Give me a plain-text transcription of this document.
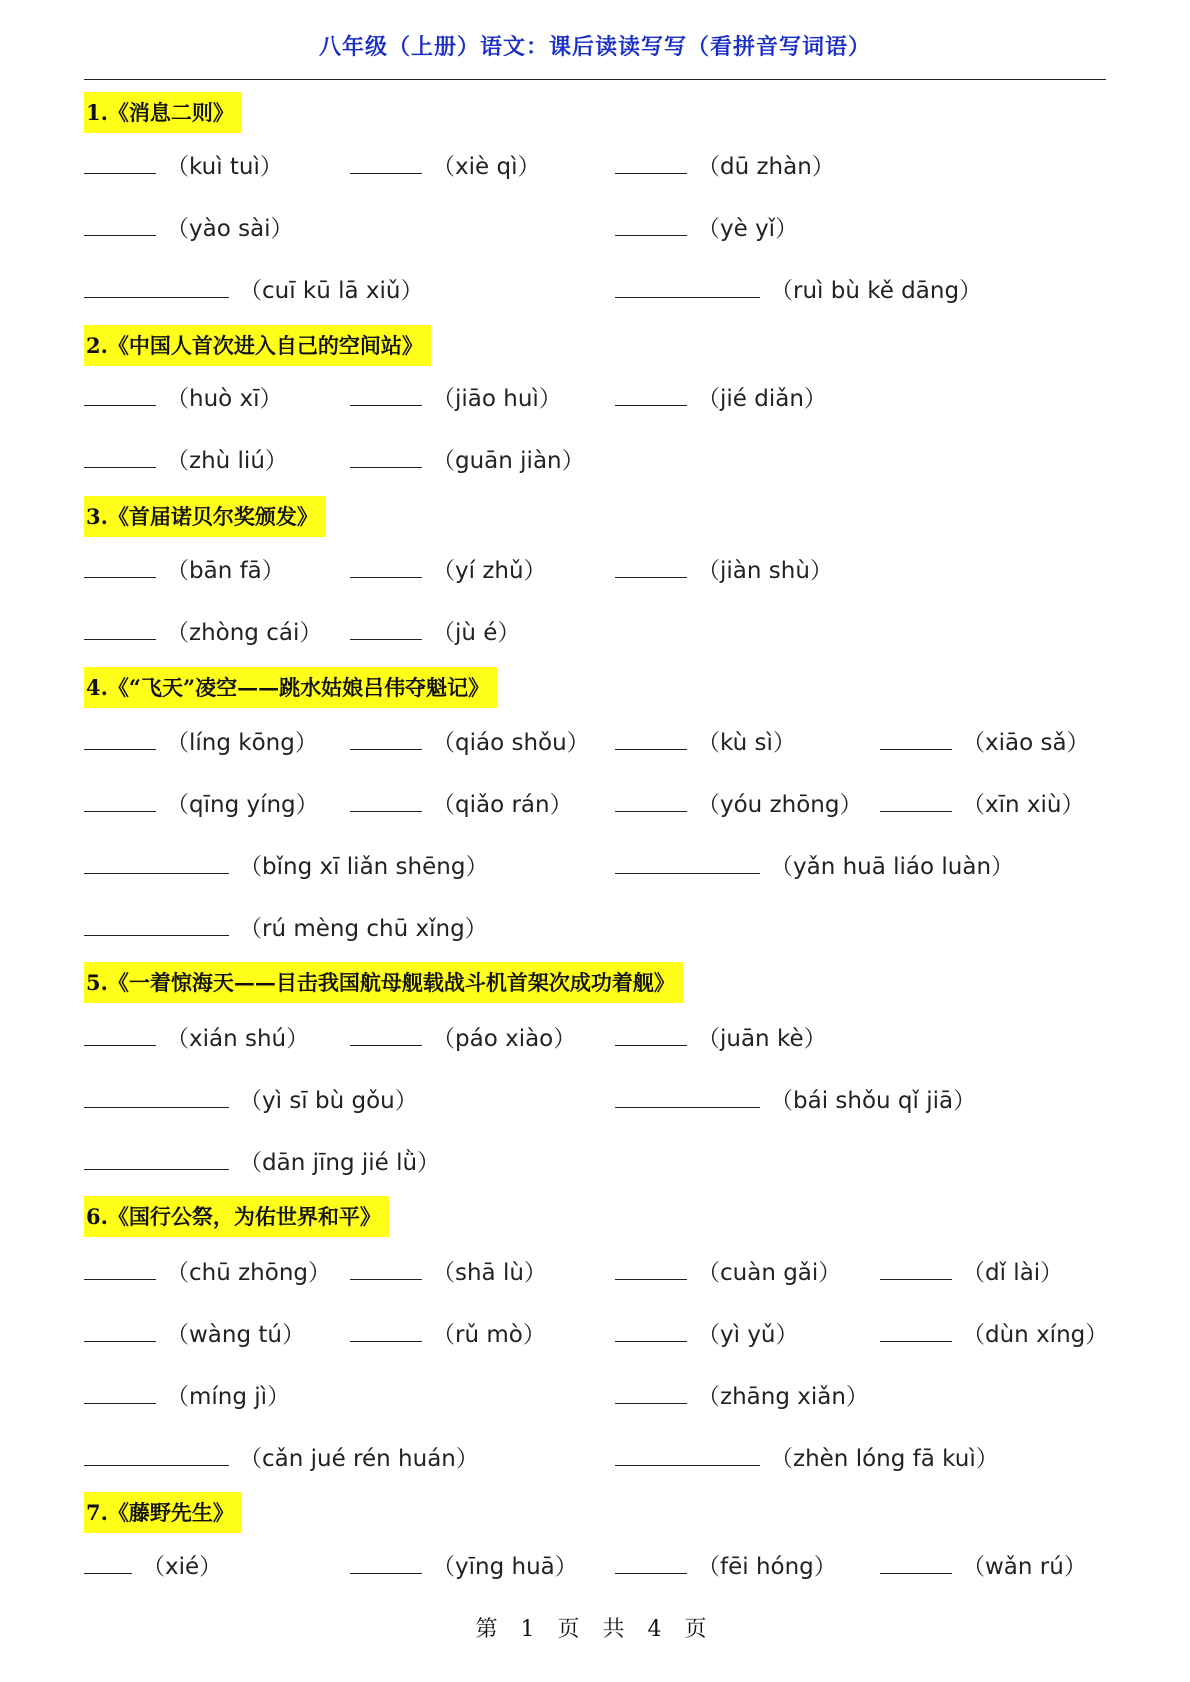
八年级（上册）语文：课后读读写写（看拼音写词语）
1.《消息二则》
（kuì tuì）	（xiè qì）	（dū zhàn）
（yào sài）	（yè yǐ）
（cuī kū lā xiǔ）	（ruì bù kě dāng）
2.《中国人首次进入自己的空间站》
（huò xī）	（jiāo huì）	（jié diǎn）
（zhù liú）	（guān jiàn）
3.《首届诺贝尔奖颁发》
（bān fā）	（yí zhǔ）	（jiàn shù）
（zhòng cái）	（jù é）
4.《“飞天”凌空——跳水姑娘吕伟夺魁记》
（líng kōng）	（qiáo shǒu）	（kù sì）	（xiāo sǎ）
（qīng yíng）	（qiǎo rán）	（yóu zhōng）	（xīn xiù）
（bǐng xī liǎn shēng）	（yǎn huā liáo luàn）
（rú mèng chū xǐng）
5.《一着惊海天——目击我国航母舰载战斗机首架次成功着舰》
（xián shú）	（páo xiào）	（juān kè）
（yì sī bù gǒu）	（bái shǒu qǐ jiā）
（dān jīng jié lǜ）
6.《国行公祭，为佑世界和平》
（chū zhōng）	（shā lù）	（cuàn gǎi）	（dǐ lài）
（wàng tú）	（rǔ mò）	（yì yǔ）	（dùn xíng）
（míng jì）	（zhāng xiǎn）
（cǎn jué rén huán）	（zhèn lóng fā kuì）
7.《藤野先生》
（xié）	（yīng huā）	（fēi hóng）	（wǎn rú）
第 1 页 共 4 页
